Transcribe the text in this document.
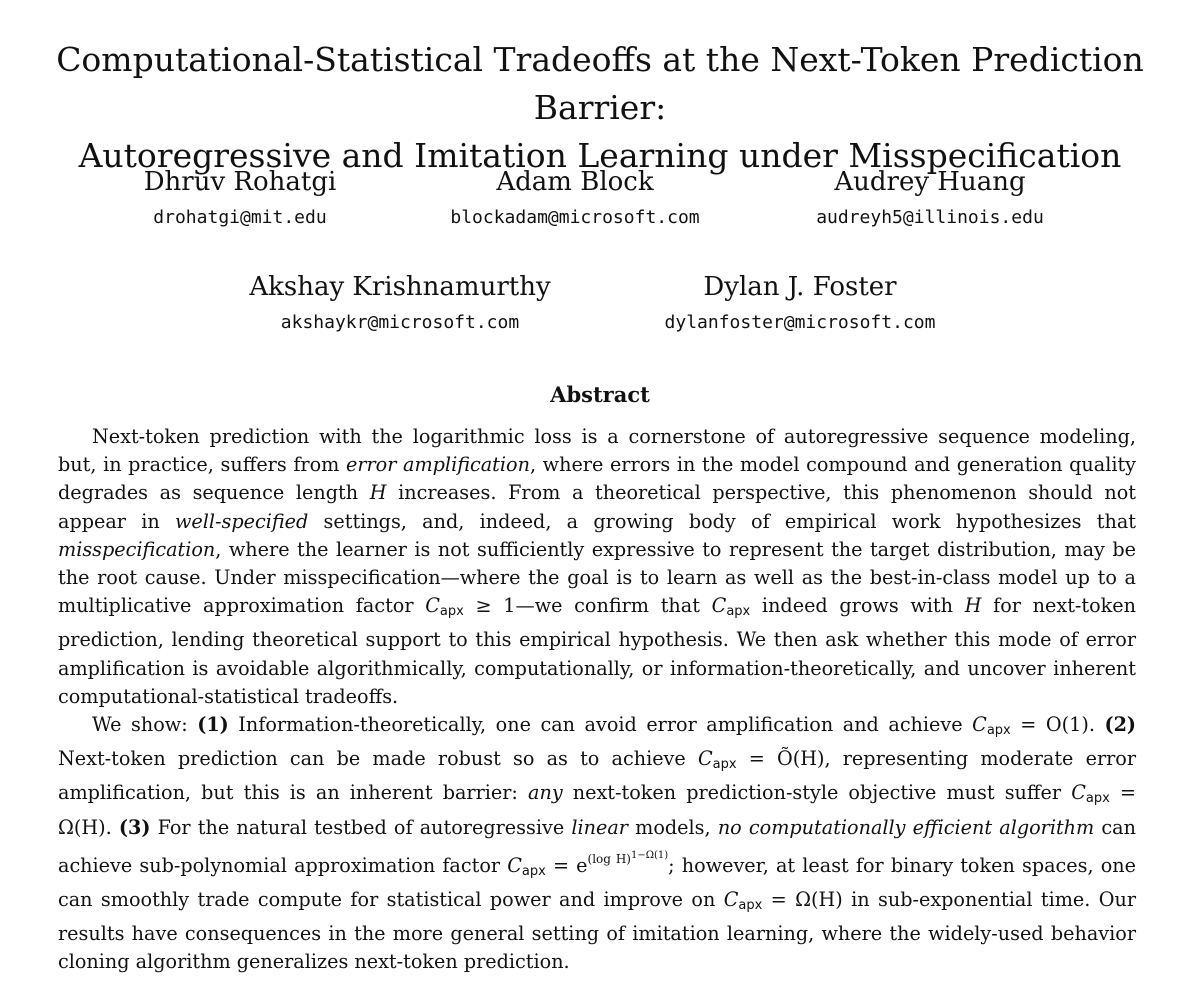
Computational-Statistical Tradeoffs at the Next-Token Prediction Barrier:
Autoregressive and Imitation Learning under Misspecification
Dhruv Rohatgi
drohatgi@mit.edu
Adam Block
blockadam@microsoft.com
Audrey Huang
audreyh5@illinois.edu
Akshay Krishnamurthy
akshaykr@microsoft.com
Dylan J. Foster
dylanfoster@microsoft.com
Abstract

Next-token prediction with the logarithmic loss is a cornerstone of autoregressive sequence modeling, but, in practice, suffers from error amplification, where errors in the model compound and generation quality degrades as sequence length H increases. From a theoretical perspective, this phenomenon should not appear in well-specified settings, and, indeed, a growing body of empirical work hypothesizes that misspecification, where the learner is not sufficiently expressive to represent the target distribution, may be the root cause. Under misspecification—where the goal is to learn as well as the best-in-class model up to a multiplicative approximation factor $C_{apx}$ ≥ 1—we confirm that $C_{apx}$ indeed grows with H for next-token prediction, lending theoretical support to this empirical hypothesis. We then ask whether this mode of error amplification is avoidable algorithmically, computationally, or information-theoretically, and uncover inherent computational-statistical tradeoffs.

We show: (1) Information-theoretically, one can avoid error amplification and achieve $C_{apx} = O(1)$. (2) Next-token prediction can be made robust so as to achieve $C_{apx}$ = Õ(H), representing moderate error amplification, but this is an inherent barrier: any next-token prediction-style objective must suffer $C_{apx} = \Omega(H)$. (3) For the natural testbed of autoregressive linear models, no computationally efficient algorithm can achieve sub-polynomial approximation factor $C_{apx} = e^{(log H)^{1-\Omega(1)}}$; however, at least for binary token spaces, one can smoothly trade compute for statistical power and improve on $C_{apx} = \Omega(H)$ in sub-exponential time. Our results have consequences in the more general setting of imitation learning, where the widely-used behavior cloning algorithm generalizes next-token prediction.
